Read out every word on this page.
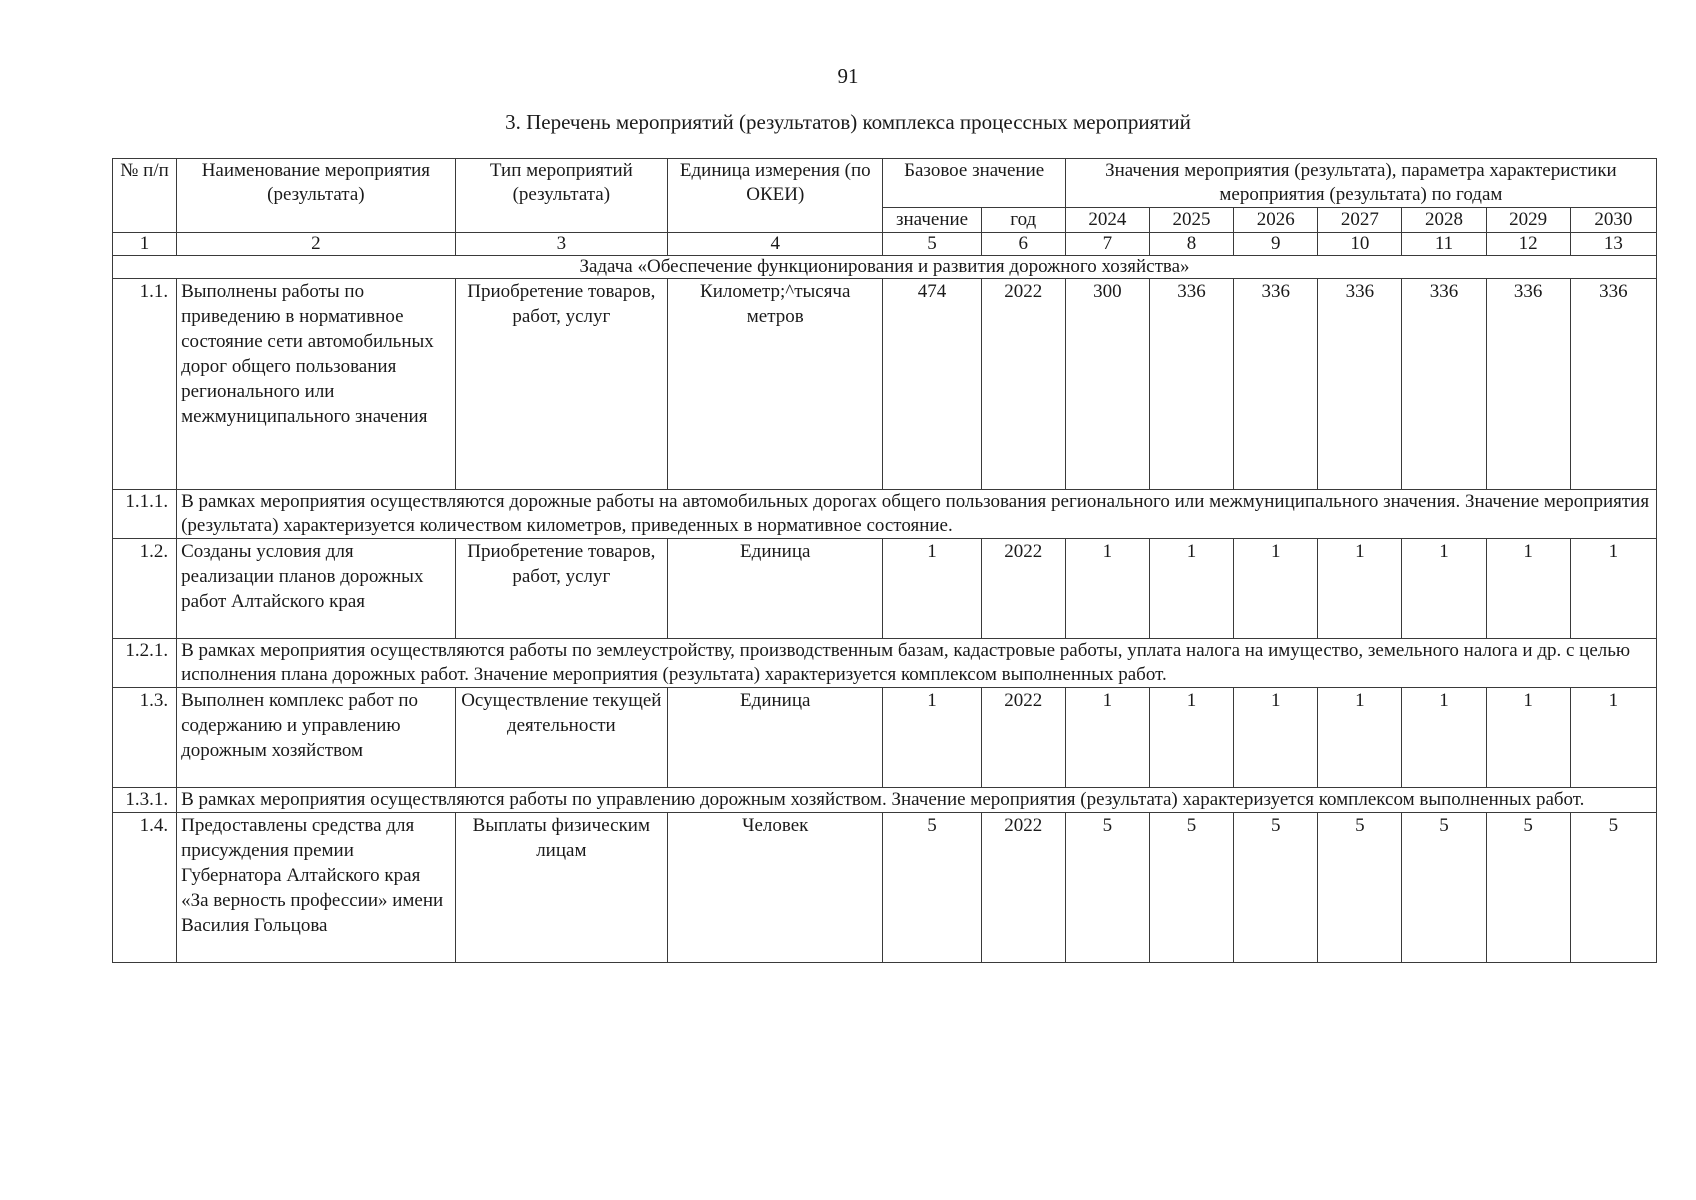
91
3. Перечень мероприятий (результатов) комплекса процессных мероприятий
№ п/п	Наименование мероприятия (результата)	Тип мероприятий (результата)	Единица измерения (по ОКЕИ)	Базовое значение		Значения мероприятия (результата), параметра характеристики мероприятия (результата) по годам						
				значение	год	2024	2025	2026	2027	2028	2029	2030
1	2	3	4	5	6	7	8	9	10	11	12	13
Задача «Обеспечение функционирования и развития дорожного хозяйства»												
1.1.	Выполнены работы по приведению в нормативное состояние сети автомобильных дорог общего пользования регионального или межмуниципального значения	Приобретение товаров, работ, услуг	Километр;^тысяча метров	474	2022	300	336	336	336	336	336	336
1.1.1.	В рамках мероприятия осуществляются дорожные работы на автомобильных дорогах общего пользования регионального или межмуниципального значения. Значение мероприятия (результата) характеризуется количеством километров, приведенных в нормативное состояние.											
1.2.	Созданы условия для реализации планов дорожных работ Алтайского края	Приобретение товаров, работ, услуг	Единица	1	2022	1	1	1	1	1	1	1
1.2.1.	В рамках мероприятия осуществляются работы по землеустройству, производственным базам, кадастровые работы, уплата налога на имущество, земельного налога и др. с целью исполнения плана дорожных работ. Значение мероприятия (результата) характеризуется комплексом выполненных работ.											
1.3.	Выполнен комплекс работ по содержанию и управлению дорожным хозяйством	Осуществление текущей деятельности	Единица	1	2022	1	1	1	1	1	1	1
1.3.1.	В рамках мероприятия осуществляются работы по управлению дорожным хозяйством. Значение мероприятия (результата) характеризуется комплексом выполненных работ.											
1.4.	Предоставлены средства для присуждения премии Губернатора Алтайского края «За верность профессии» имени Василия Гольцова	Выплаты физическим лицам	Человек	5	2022	5	5	5	5	5	5	5
